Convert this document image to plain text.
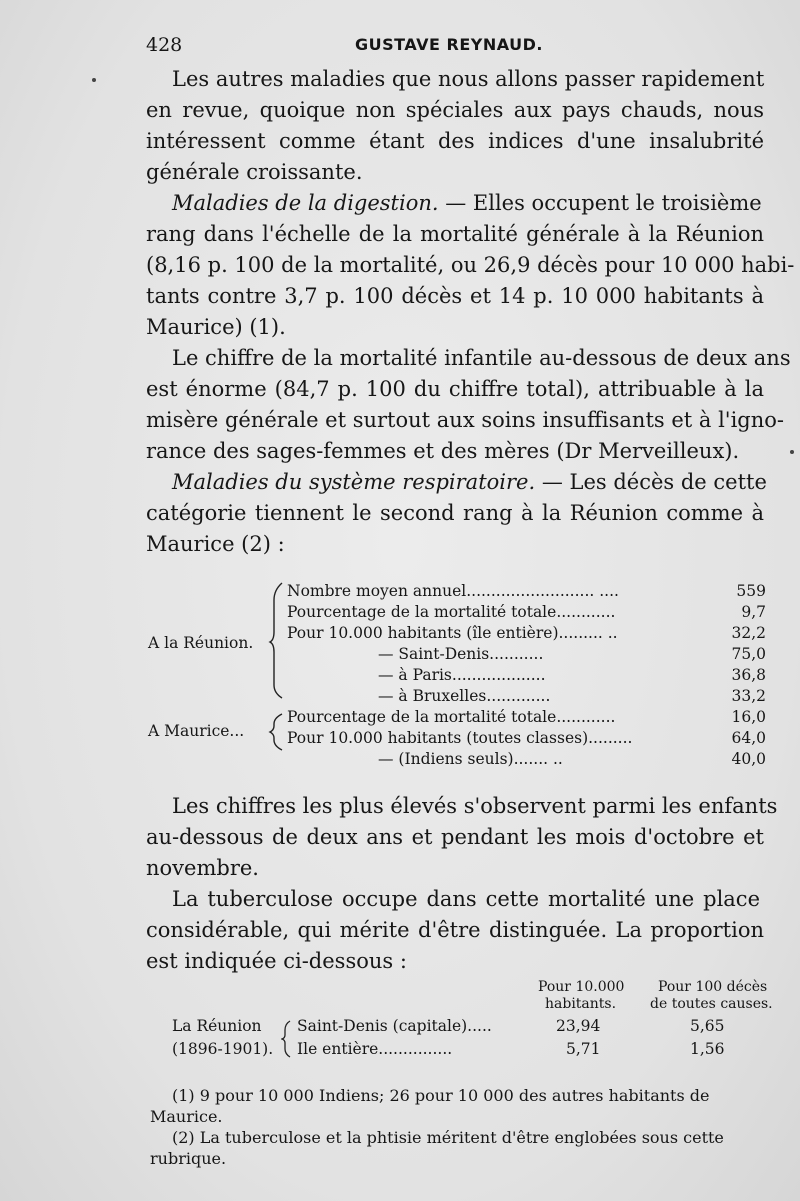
428	GUSTAVE REYNAUD.
Les autres maladies que nous allons passer rapidement
en revue, quoique non spéciales aux pays chauds, nous
intéressent comme étant des indices d'une insalubrité
générale croissante.
Maladies de la digestion. — Elles occupent le troisième
rang dans l'échelle de la mortalité générale à la Réunion
(8,16 p. 100 de la mortalité, ou 26,9 décès pour 10 000 habi-
tants contre 3,7 p. 100 décès et 14 p. 10 000 habitants à
Maurice) (1).
Le chiffre de la mortalité infantile au-dessous de deux ans
est énorme (84,7 p. 100 du chiffre total), attribuable à la
misère générale et surtout aux soins insuffisants et à l'igno-
rance des sages-femmes et des mères (Dr Merveilleux).
Maladies du système respiratoire. — Les décès de cette
catégorie tiennent le second rang à la Réunion comme à
Maurice (2) :
A la Réunion.
A Maurice...
Nombre moyen annuel.......................... ....
Pourcentage de la mortalité totale............
Pour 10.000 habitants (île entière)......... ..
— Saint-Denis...........
— à Paris...................
— à Bruxelles.............
Pourcentage de la mortalité totale............
Pour 10.000 habitants (toutes classes).........
— (Indiens seuls)....... ..
559
9,7
32,2
75,0
36,8
33,2
16,0
64,0
40,0
Les chiffres les plus élevés s'observent parmi les enfants
au-dessous de deux ans et pendant les mois d'octobre et
novembre.
La tuberculose occupe dans cette mortalité une place
considérable, qui mérite d'être distinguée. La proportion
est indiquée ci-dessous :
Pour 10.000
habitants.
Pour 100 décès
de toutes causes.
La Réunion
(1896-1901).
Saint-Denis (capitale).....
Ile entière...............
23,94
5,71
5,65
1,56
(1) 9 pour 10 000 Indiens; 26 pour 10 000 des autres habitants de
Maurice.
(2) La tuberculose et la phtisie méritent d'être englobées sous cette
rubrique.
